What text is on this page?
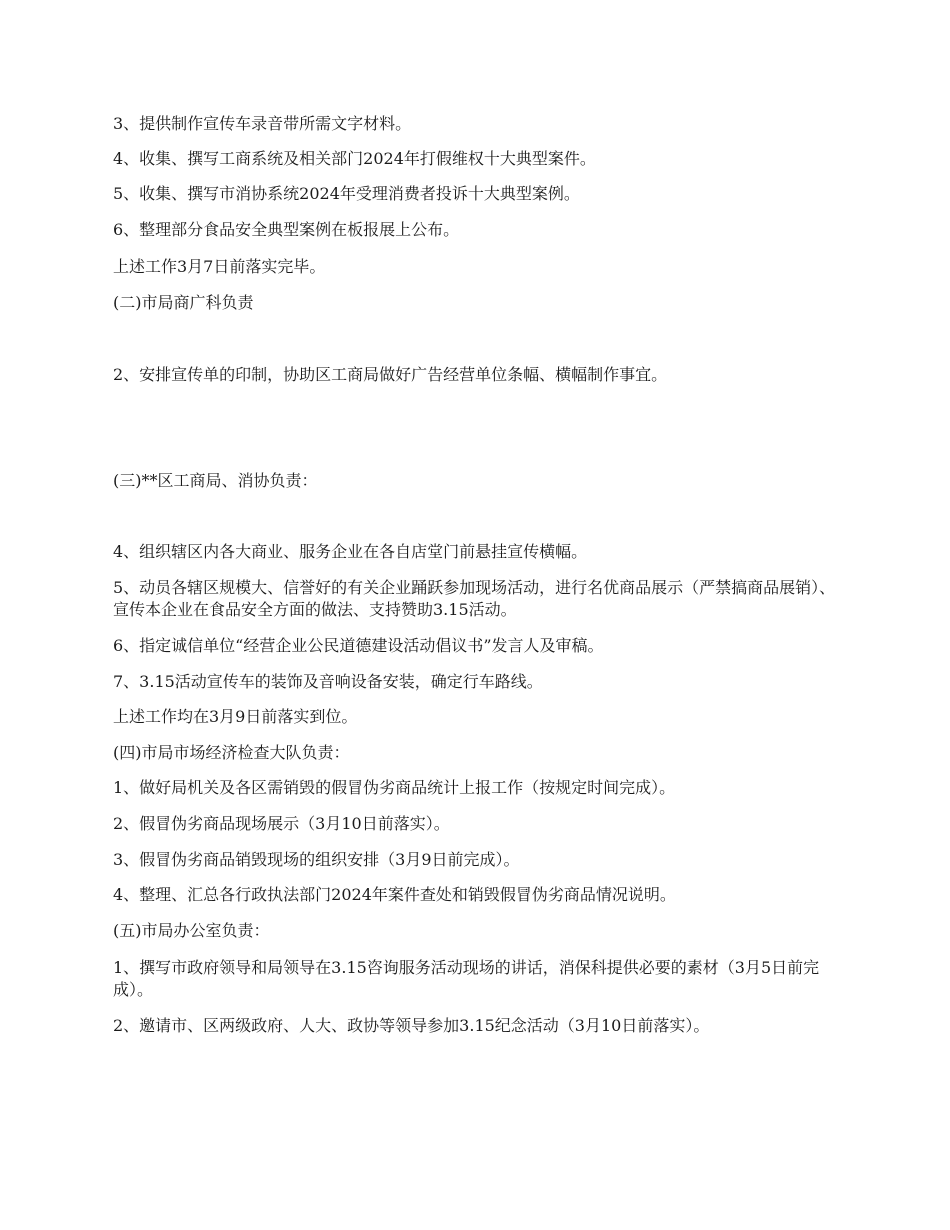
3、提供制作宣传车录音带所需文字材料。
4、收集、撰写工商系统及相关部门2024年打假维权十大典型案件。
5、收集、撰写市消协系统2024年受理消费者投诉十大典型案例。
6、整理部分食品安全典型案例在板报展上公布。
上述工作3月7日前落实完毕。
(二)市局商广科负责
2、安排宣传单的印制，协助区工商局做好广告经营单位条幅、横幅制作事宜。
(三)**区工商局、消协负责：
4、组织辖区内各大商业、服务企业在各自店堂门前悬挂宣传横幅。
5、动员各辖区规模大、信誉好的有关企业踊跃参加现场活动，进行名优商品展示（严禁搞商品展销）、宣传本企业在食品安全方面的做法、支持赞助3.15活动。
6、指定诚信单位“经营企业公民道德建设活动倡议书”发言人及审稿。
7、3.15活动宣传车的装饰及音响设备安装，确定行车路线。
上述工作均在3月9日前落实到位。
(四)市局市场经济检查大队负责：
1、做好局机关及各区需销毁的假冒伪劣商品统计上报工作（按规定时间完成）。
2、假冒伪劣商品现场展示（3月10日前落实）。
3、假冒伪劣商品销毁现场的组织安排（3月9日前完成）。
4、整理、汇总各行政执法部门2024年案件查处和销毁假冒伪劣商品情况说明。
(五)市局办公室负责：
1、撰写市政府领导和局领导在3.15咨询服务活动现场的讲话，消保科提供必要的素材（3月5日前完成）。
2、邀请市、区两级政府、人大、政协等领导参加3.15纪念活动（3月10日前落实）。
